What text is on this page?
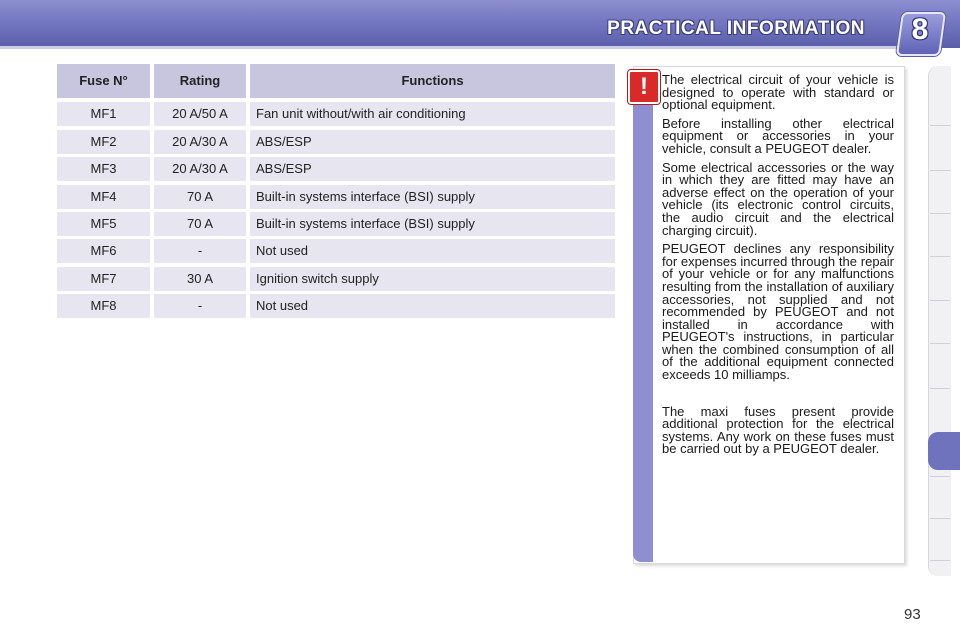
PRACTICAL INFORMATION	8
Fuse N°	Rating	Functions
MF1	20 A/50 A	Fan unit without/with air conditioning
MF2	20 A/30 A	ABS/ESP
MF3	20 A/30 A	ABS/ESP
MF4	70 A	Built-in systems interface (BSI) supply
MF5	70 A	Built-in systems interface (BSI) supply
MF6	-	Not used
MF7	30 A	Ignition switch supply
MF8	-	Not used
!	The electrical circuit of your vehicle is designed to operate with standard or optional equipment.

Before installing other electrical equipment or accessories in your vehicle, consult a PEUGEOT dealer.

Some electrical accessories or the way in which they are fitted may have an adverse effect on the operation of your vehicle (its electronic control circuits, the audio circuit and the electrical charging circuit).

PEUGEOT declines any responsibility for expenses incurred through the repair of your vehicle or for any malfunctions resulting from the installation of auxiliary accessories, not supplied and not recommended by PEUGEOT and not installed in accordance with PEUGEOT's instructions, in particular when the combined consumption of all of the additional equipment connected exceeds 10 milliamps.

The maxi fuses present provide additional protection for the electrical systems. Any work on these fuses must be carried out by a PEUGEOT dealer.

93
